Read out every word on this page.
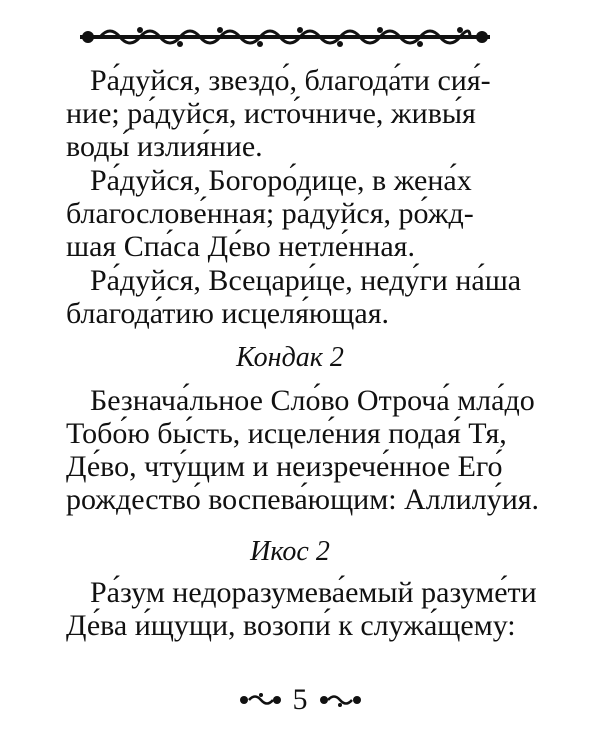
Ра́дуйся, звездо́, благода́ти сия́-
ние; ра́дуйся, исто́чниче, живы́я
воды́ излия́ние.
Ра́дуйся, Богоро́дице, в жена́х
благослове́нная; ра́дуйся, ро́жд-
шая Спа́са Де́во нетле́нная.
Ра́дуйся, Всецари́це, неду́ги на́ша
благода́тию исцеля́ющая.
Кондак 2
Безнача́льное Сло́во Отроча́ мла́до
Тобо́ю бы́сть, исцеле́ния подая́ Тя,
Де́во, чту́щим и неизрече́нное Его́
рождество́ воспева́ющим: Аллилу́ия.
Икос 2
Ра́зум недоразумева́емый разуме́ти
Де́ва и́щущи, возопи́ к служа́щему:
5
